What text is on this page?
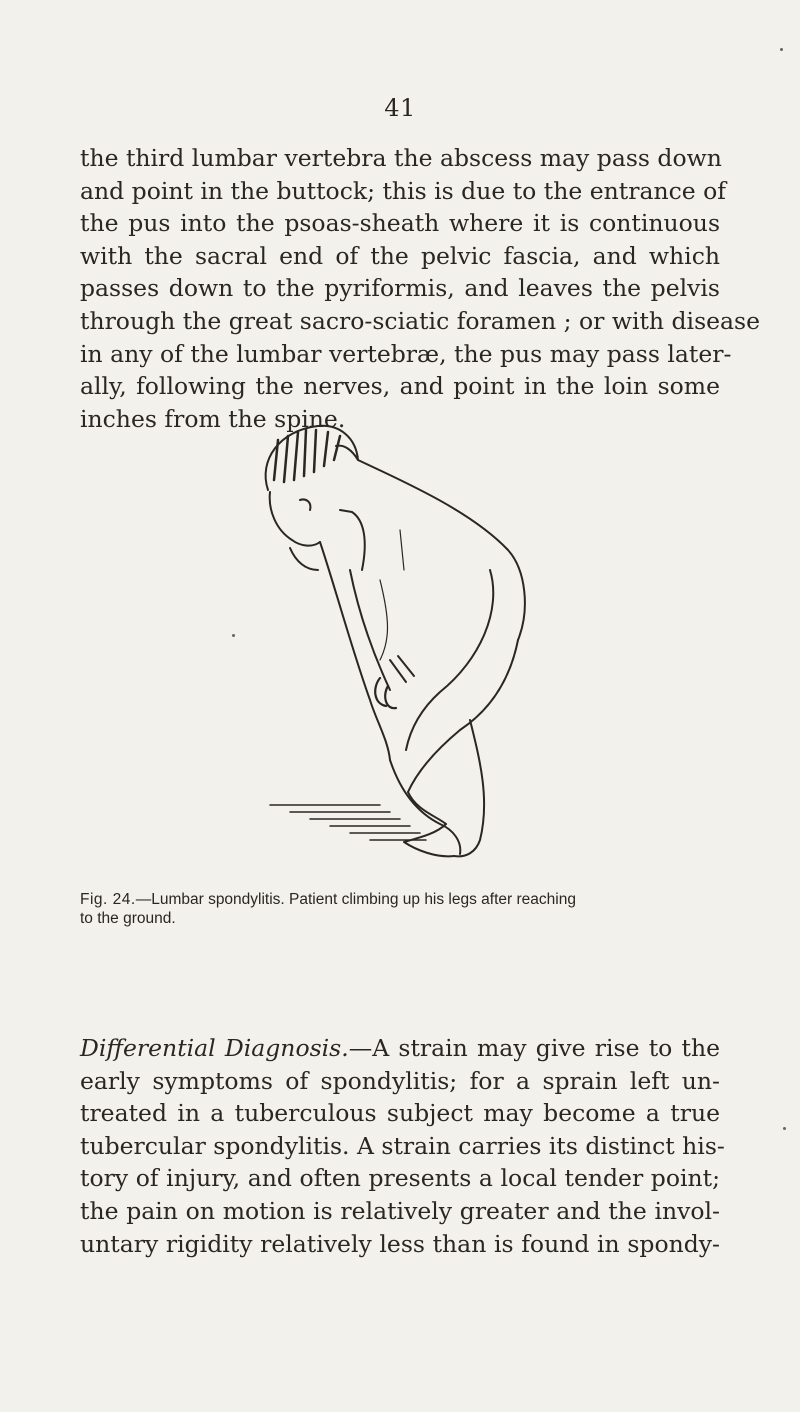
41

the third lumbar vertebra the abscess may pass down
and point in the buttock; this is due to the entrance of
the pus into the psoas-sheath where it is continuous
with the sacral end of the pelvic fascia, and which
passes down to the pyriformis, and leaves the pelvis
through the great sacro-sciatic foramen ; or with disease
in any of the lumbar vertebræ, the pus may pass later-
ally, following the nerves, and point in the loin some
inches from the spine.

Fig. 24.—Lumbar spondylitis. Patient climbing up his legs after reaching
to the ground.

Differential Diagnosis.—A strain may give rise to the
early symptoms of spondylitis; for a sprain left un-
treated in a tuberculous subject may become a true
tubercular spondylitis. A strain carries its distinct his-
tory of injury, and often presents a local tender point;
the pain on motion is relatively greater and the invol-
untary rigidity relatively less than is found in spondy-
